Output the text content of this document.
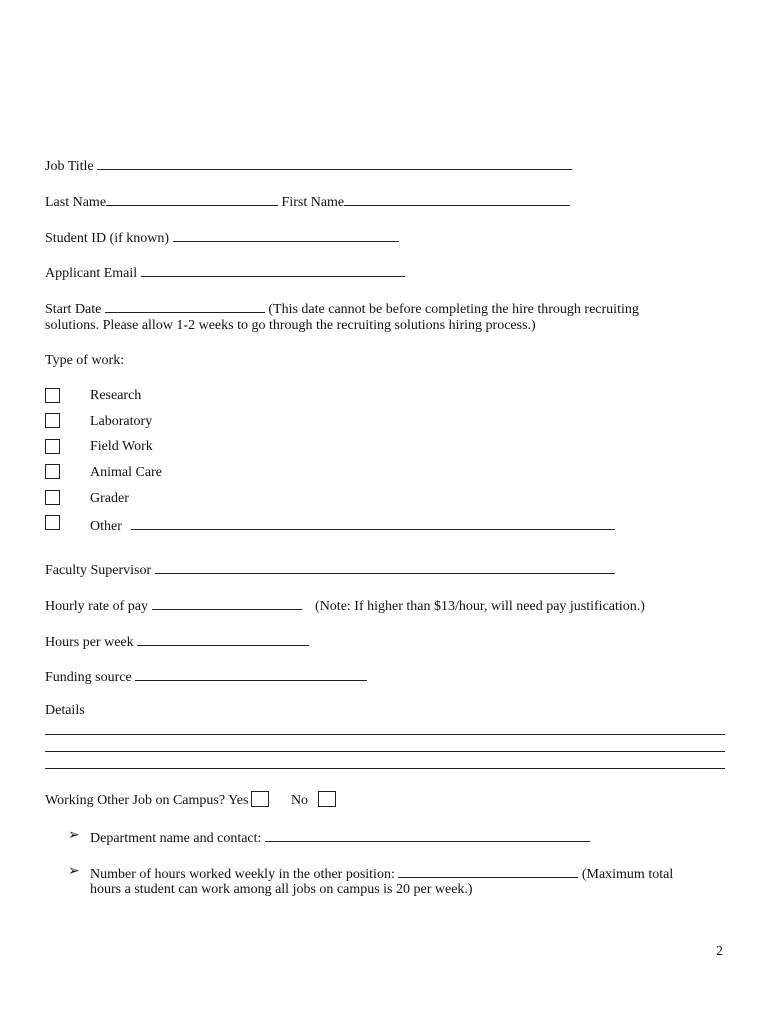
Job Title
Last Name	First Name
Student ID (if known)
Applicant Email
Start Date	(This date cannot be before completing the hire through recruiting
solutions. Please allow 1-2 weeks to go through the recruiting solutions hiring process.)
Type of work:
Research
Laboratory
Field Work
Animal Care
Grader
Other
Faculty Supervisor
Hourly rate of pay	(Note: If higher than $13/hour, will need pay justification.)
Hours per week
Funding source
Details
Working Other Job on Campus? Yes	No
➢ Department name and contact:
➢ Number of hours worked weekly in the other position:	(Maximum total
hours a student can work among all jobs on campus is 20 per week.)
2
